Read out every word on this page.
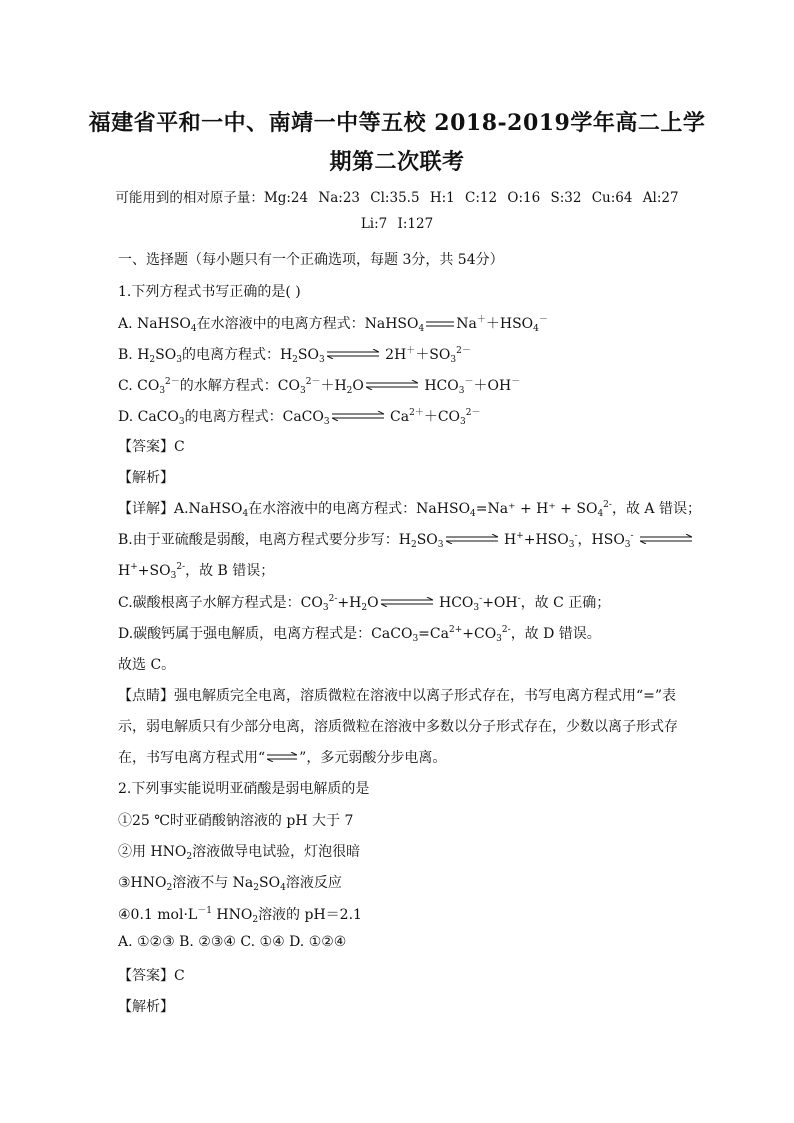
福建省平和一中、南靖一中等五校 2018-2019学年高二上学
期第二次联考
可能用到的相对原子量：Mg:24 Na:23 Cl:35.5 H:1 C:12 O:16 S:32 Cu:64 Al:27
Li:7 I:127
一、选择题（每小题只有一个正确选项，每题 3分，共 54分）
1.下列方程式书写正确的是( )
A. NaHSO$_4$在水溶液中的电离方程式：NaHSO$_4$ $Na^++HSO_4^-$
B. $H_2SO_3$的电离方程式：$H_2SO_3$ ⇌ $2H^++SO_3^{2-}$
C. $CO_3^{2-}$的水解方程式：$CO_3^{2-}+H_2O$ ⇌ $HCO_3^-+OH^-$
D. CaCO$_3$的电离方程式：CaCO$_3$ ⇌ $Ca^{2+}+CO_3^{2-}$
【答案】C
【解析】
【详解】A.NaHSO$_4$在水溶液中的电离方程式：NaHSO$_4$=Na⁺ + $H^+ + SO_4^{2-}$，故 A 错误；
B.由于亚硫酸是弱酸，电离方程式要分步写：$H_2SO_3$ ⇌ $H^++HSO_3^-$，$HSO_3^-$ ⇌
$H^++SO_3^{2-}$，故 B 错误；
C.碳酸根离子水解方程式是：$CO_3^{2-}+H_2O$ ⇌ $HCO_3^-+OH^-$，故 C 正确；
D.碳酸钙属于强电解质，电离方程式是：$CaCO_3=Ca^{2+}+CO_3^{2-}$，故 D 错误。
故选 C。
【点睛】强电解质完全电离，溶质微粒在溶液中以离子形式存在，书写电离方程式用“=”表
示，弱电解质只有少部分电离，溶质微粒在溶液中多数以分子形式存在，少数以离子形式存
在，书写电离方程式用“ ⇌ ”，多元弱酸分步电离。
2.下列事实能说明亚硝酸是弱电解质的是
①25 ℃时亚硝酸钠溶液的 pH 大于 7
②用 $HNO_2$溶液做导电试验，灯泡很暗
$③HNO_2$溶液不与 $Na_2SO_4$溶液反应
④0.1 $mol\cdot L^{-1}$ $HNO_2$溶液的 pH＝2.1
A. ①②③ B. ②③④ C. ①④ D. ①②④
【答案】C
【解析】
